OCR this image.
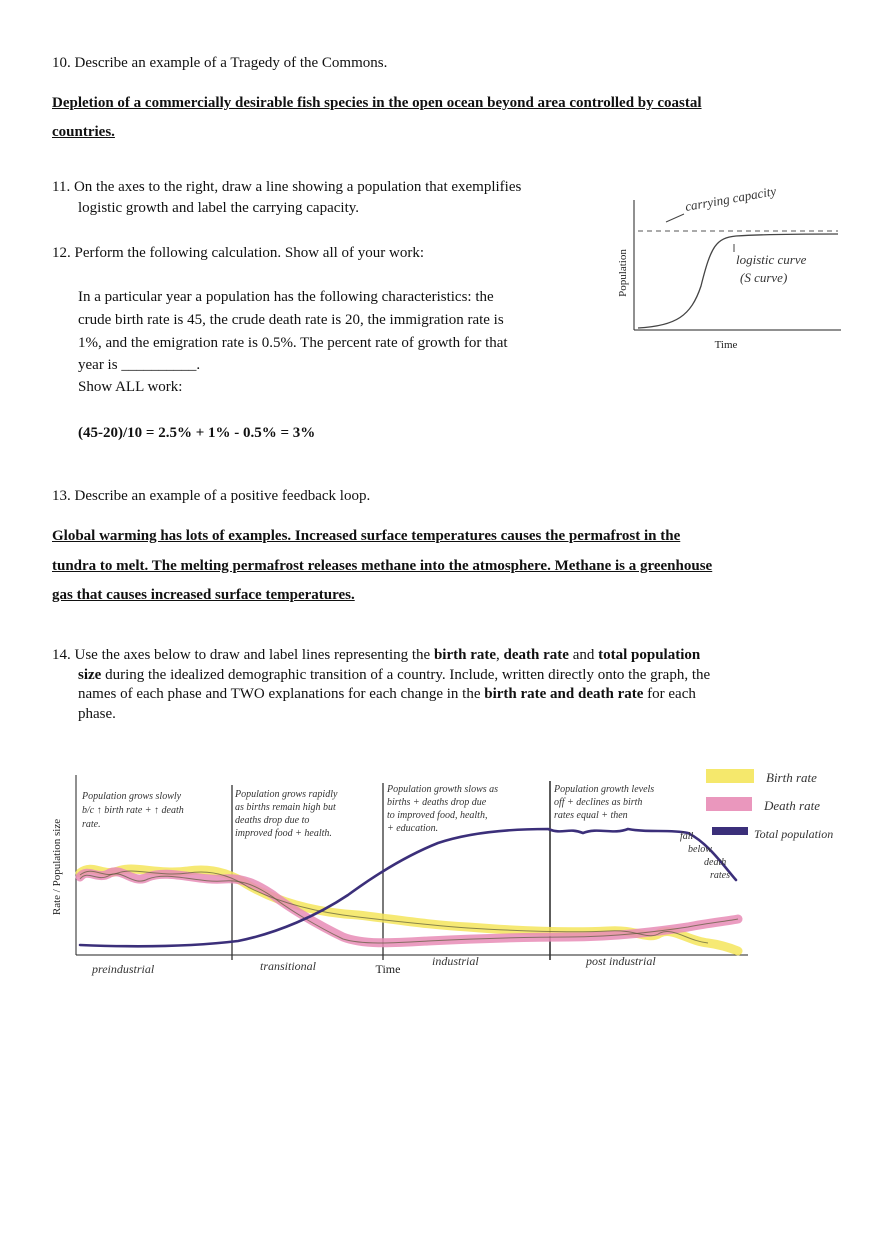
10. Describe an example of a Tragedy of the Commons.
Depletion of a commercially desirable fish species in the open ocean beyond area controlled by coastal
countries.
11. On the axes to the right, draw a line showing a population that exemplifies
logistic growth and label the carrying capacity.
12. Perform the following calculation. Show all of your work:
In a particular year a population has the following characteristics: the
crude birth rate is 45, the crude death rate is 20, the immigration rate is
1%, and the emigration rate is 0.5%. The percent rate of growth for that
year is __________.
Show ALL work:
(45-20)/10 = 2.5% + 1% - 0.5% = 3%
carrying capacity
logistic curve
(S curve)
Population
Time
13. Describe an example of a positive feedback loop.
Global warming has lots of examples. Increased surface temperatures causes the permafrost in the
tundra to melt. The melting permafrost releases methane into the atmosphere. Methane is a greenhouse
gas that causes increased surface temperatures.
14. Use the axes below to draw and label lines representing the birth rate, death rate and total population
size during the idealized demographic transition of a country. Include, written directly onto the graph, the
names of each phase and TWO explanations for each change in the birth rate and death rate for each
phase.
Population grows slowly
b/c ↑ birth rate + ↑ death
rate.
Population grows rapidly
as births remain high but
deaths drop due to
improved food + health.
Population growth slows as
births + deaths drop due
to improved food, health,
+ education.
Population growth levels
off + declines as birth
rates equal + then
fall
below
death
rates
Birth rate
Death rate
Total population
Rate / Population size
Time
preindustrial	transitional	industrial	post industrial
